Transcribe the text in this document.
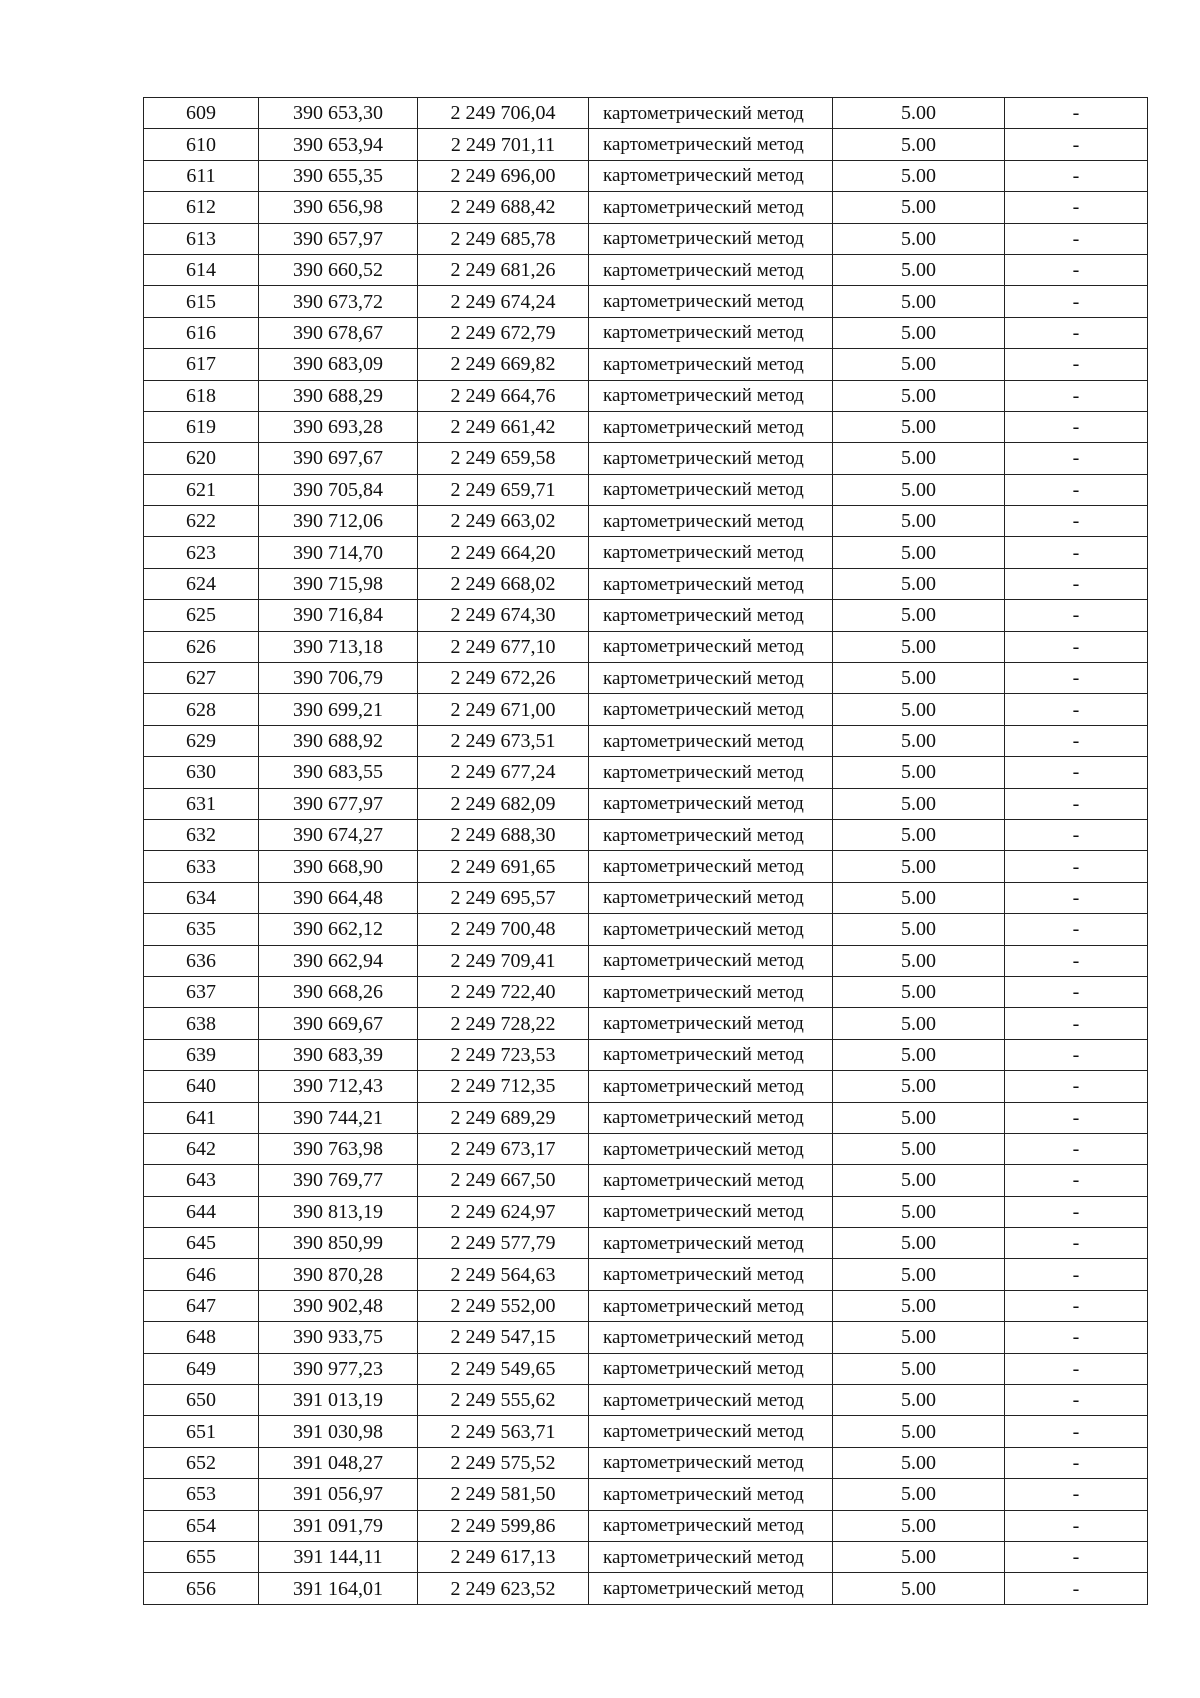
609	390 653,30	2 249 706,04	картометрический метод	5.00	-
610	390 653,94	2 249 701,11	картометрический метод	5.00	-
611	390 655,35	2 249 696,00	картометрический метод	5.00	-
612	390 656,98	2 249 688,42	картометрический метод	5.00	-
613	390 657,97	2 249 685,78	картометрический метод	5.00	-
614	390 660,52	2 249 681,26	картометрический метод	5.00	-
615	390 673,72	2 249 674,24	картометрический метод	5.00	-
616	390 678,67	2 249 672,79	картометрический метод	5.00	-
617	390 683,09	2 249 669,82	картометрический метод	5.00	-
618	390 688,29	2 249 664,76	картометрический метод	5.00	-
619	390 693,28	2 249 661,42	картометрический метод	5.00	-
620	390 697,67	2 249 659,58	картометрический метод	5.00	-
621	390 705,84	2 249 659,71	картометрический метод	5.00	-
622	390 712,06	2 249 663,02	картометрический метод	5.00	-
623	390 714,70	2 249 664,20	картометрический метод	5.00	-
624	390 715,98	2 249 668,02	картометрический метод	5.00	-
625	390 716,84	2 249 674,30	картометрический метод	5.00	-
626	390 713,18	2 249 677,10	картометрический метод	5.00	-
627	390 706,79	2 249 672,26	картометрический метод	5.00	-
628	390 699,21	2 249 671,00	картометрический метод	5.00	-
629	390 688,92	2 249 673,51	картометрический метод	5.00	-
630	390 683,55	2 249 677,24	картометрический метод	5.00	-
631	390 677,97	2 249 682,09	картометрический метод	5.00	-
632	390 674,27	2 249 688,30	картометрический метод	5.00	-
633	390 668,90	2 249 691,65	картометрический метод	5.00	-
634	390 664,48	2 249 695,57	картометрический метод	5.00	-
635	390 662,12	2 249 700,48	картометрический метод	5.00	-
636	390 662,94	2 249 709,41	картометрический метод	5.00	-
637	390 668,26	2 249 722,40	картометрический метод	5.00	-
638	390 669,67	2 249 728,22	картометрический метод	5.00	-
639	390 683,39	2 249 723,53	картометрический метод	5.00	-
640	390 712,43	2 249 712,35	картометрический метод	5.00	-
641	390 744,21	2 249 689,29	картометрический метод	5.00	-
642	390 763,98	2 249 673,17	картометрический метод	5.00	-
643	390 769,77	2 249 667,50	картометрический метод	5.00	-
644	390 813,19	2 249 624,97	картометрический метод	5.00	-
645	390 850,99	2 249 577,79	картометрический метод	5.00	-
646	390 870,28	2 249 564,63	картометрический метод	5.00	-
647	390 902,48	2 249 552,00	картометрический метод	5.00	-
648	390 933,75	2 249 547,15	картометрический метод	5.00	-
649	390 977,23	2 249 549,65	картометрический метод	5.00	-
650	391 013,19	2 249 555,62	картометрический метод	5.00	-
651	391 030,98	2 249 563,71	картометрический метод	5.00	-
652	391 048,27	2 249 575,52	картометрический метод	5.00	-
653	391 056,97	2 249 581,50	картометрический метод	5.00	-
654	391 091,79	2 249 599,86	картометрический метод	5.00	-
655	391 144,11	2 249 617,13	картометрический метод	5.00	-
656	391 164,01	2 249 623,52	картометрический метод	5.00	-
